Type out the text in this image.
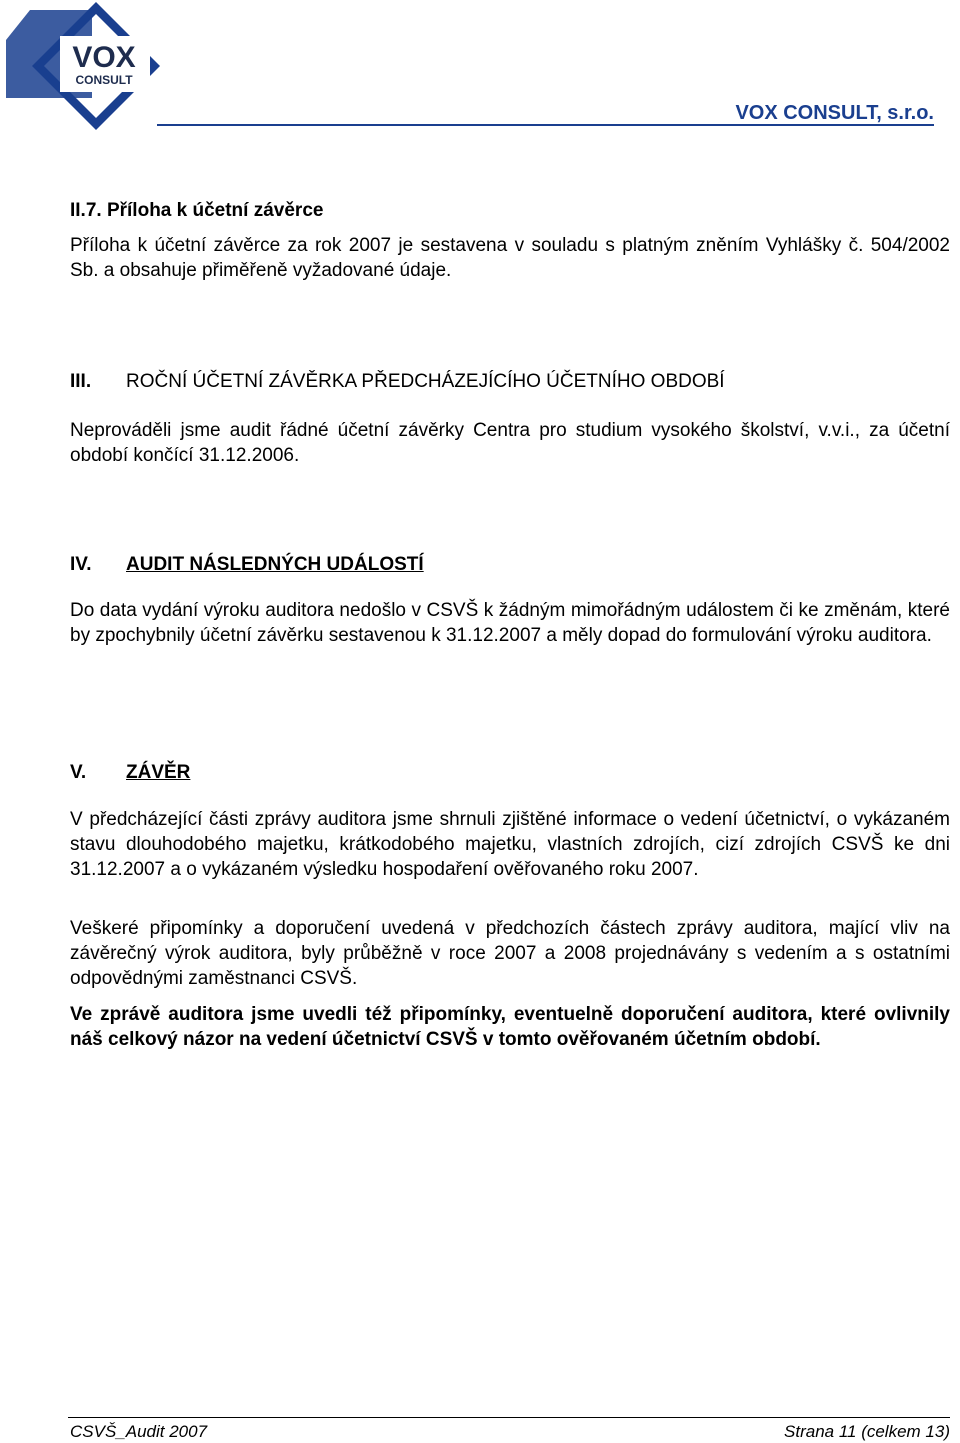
VOX
CONSULT
VOX CONSULT, s.r.o.
II.7. Příloha k účetní závěrce
Příloha k účetní závěrce za rok 2007 je sestavena v souladu s platným zněním Vyhlášky č. 504/2002 Sb. a obsahuje přiměřeně vyžadované údaje.
III. ROČNÍ ÚČETNÍ ZÁVĚRKA PŘEDCHÁZEJÍCÍHO ÚČETNÍHO OBDOBÍ
Neprováděli jsme audit řádné účetní závěrky Centra pro studium vysokého školství, v.v.i., za účetní období končící 31.12.2006.
IV. AUDIT NÁSLEDNÝCH UDÁLOSTÍ
Do data vydání výroku auditora nedošlo v CSVŠ k žádným mimořádným událostem či ke změnám, které by zpochybnily účetní závěrku sestavenou k 31.12.2007 a měly dopad do formulování výroku auditora.
V. ZÁVĚR
V předcházející části zprávy auditora jsme shrnuli zjištěné informace o vedení účetnictví, o vykázaném stavu dlouhodobého majetku, krátkodobého majetku, vlastních zdrojích, cizí zdrojích CSVŠ ke dni 31.12.2007 a o vykázaném výsledku hospodaření ověřovaného roku 2007.
Veškeré připomínky a doporučení uvedená v předchozích částech zprávy auditora, mající vliv na závěrečný výrok auditora, byly průběžně v roce 2007 a 2008 projednávány s vedením a s ostatními odpovědnými zaměstnanci CSVŠ.
Ve zprávě auditora jsme uvedli též připomínky, eventuelně doporučení auditora, které ovlivnily náš celkový názor na vedení účetnictví CSVŠ v tomto ověřovaném účetním období.
CSVŠ_Audit 2007	Strana 11 (celkem 13)
